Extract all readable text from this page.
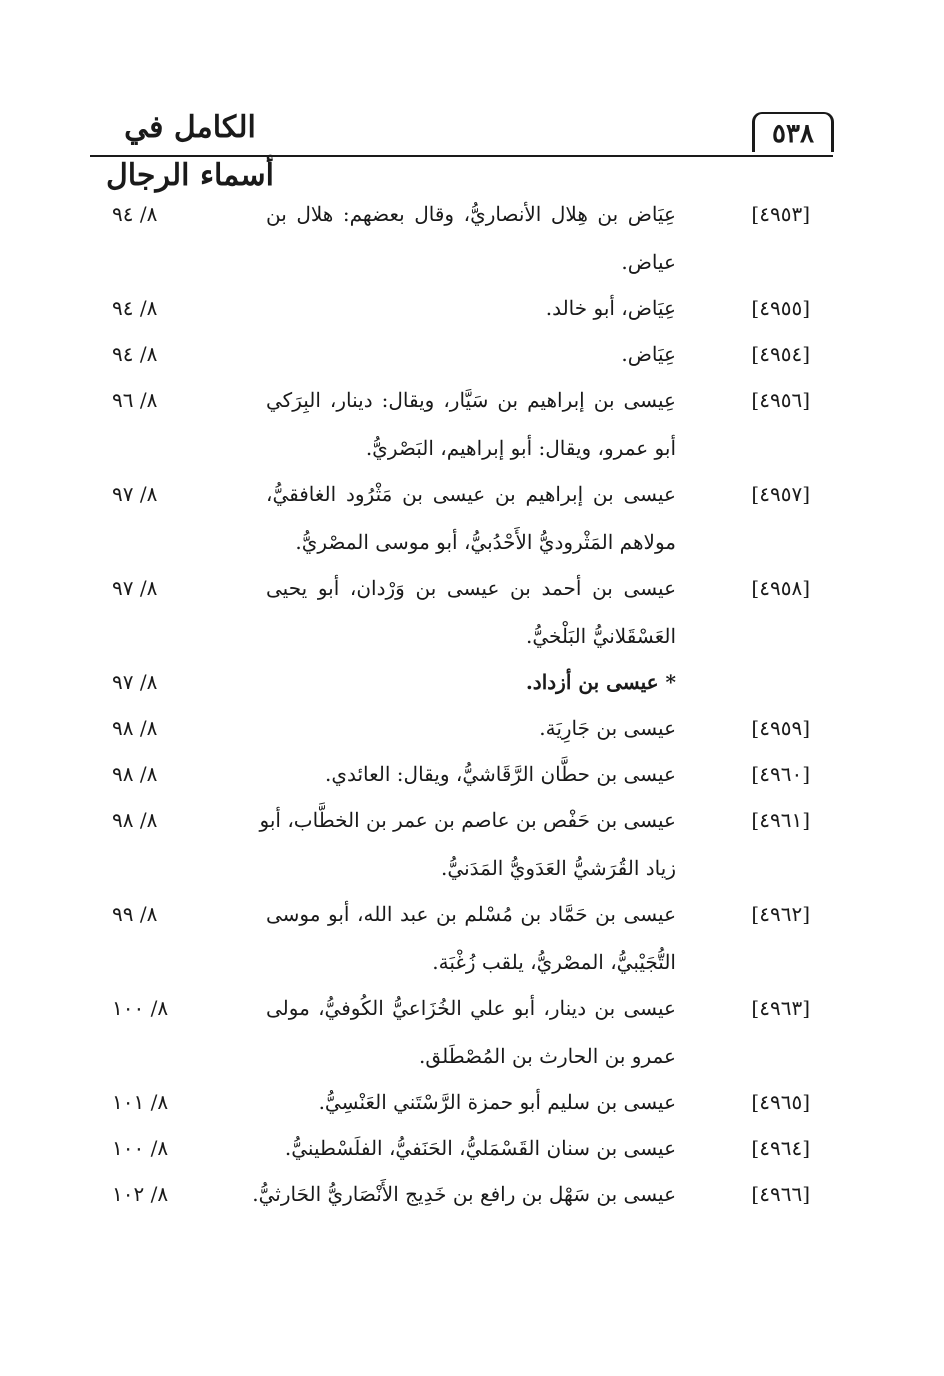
الكامل في أسماء الرجال
٥٣٨
[٤٩٥٣]
عِيَاض بن هِلال الأنصاريُّ، وقال بعضهم: هلال بن
عياض.
٨/ ٩٤
[٤٩٥٥]
عِيَاض، أبو خالد.
٨/ ٩٤
[٤٩٥٤]
عِيَاض.
٨/ ٩٤
[٤٩٥٦]
عِيسى بن إبراهيم بن سَيَّار، ويقال: دينار، البِرَكي
أبو عمرو، ويقال: أبو إبراهيم، البَصْريُّ.
٨/ ٩٦
[٤٩٥٧]
عيسى بن إبراهيم بن عيسى بن مَثْرُود الغافقيُّ،
مولاهم المَثْروديُّ الأَحْدُبيُّ، أبو موسى المصْريُّ.
٨/ ٩٧
[٤٩٥٨]
عيسى بن أحمد بن عيسى بن وَرْدان، أبو يحيى
العَسْقَلانيُّ البَلْخيُّ.
٨/ ٩٧
* عيسى بن أزداد.
٨/ ٩٧
[٤٩٥٩]
عيسى بن جَارِيَة.
٨/ ٩٨
[٤٩٦٠]
عيسى بن حطَّان الرَّقَاشيُّ، ويقال: العائدي.
٨/ ٩٨
[٤٩٦١]
عيسى بن حَفْص بن عاصم بن عمر بن الخطَّاب، أبو
زياد القُرَشيُّ العَدَويُّ المَدَنيُّ.
٨/ ٩٨
[٤٩٦٢]
عيسى بن حَمَّاد بن مُسْلم بن عبد الله، أبو موسى
التُّجَيْبيُّ، المصْريُّ، يلقب زُغْبَة.
٨/ ٩٩
[٤٩٦٣]
عيسى بن دينار، أبو علي الخُزَاعيُّ الكُوفيُّ، مولى
عمرو بن الحارث بن المُصْطَلق.
٨/ ١٠٠
[٤٩٦٥]
عيسى بن سليم أبو حمزة الرَّسْتَني العَنْسِيُّ.
٨/ ١٠١
[٤٩٦٤]
عيسى بن سنان القَسْمَليُّ، الحَنَفيُّ، الفلَسْطينيُّ.
٨/ ١٠٠
[٤٩٦٦]
عيسى بن سَهْل بن رافع بن خَدِيج الأَنْصَاريُّ الحَارثيُّ.
٨/ ١٠٢
